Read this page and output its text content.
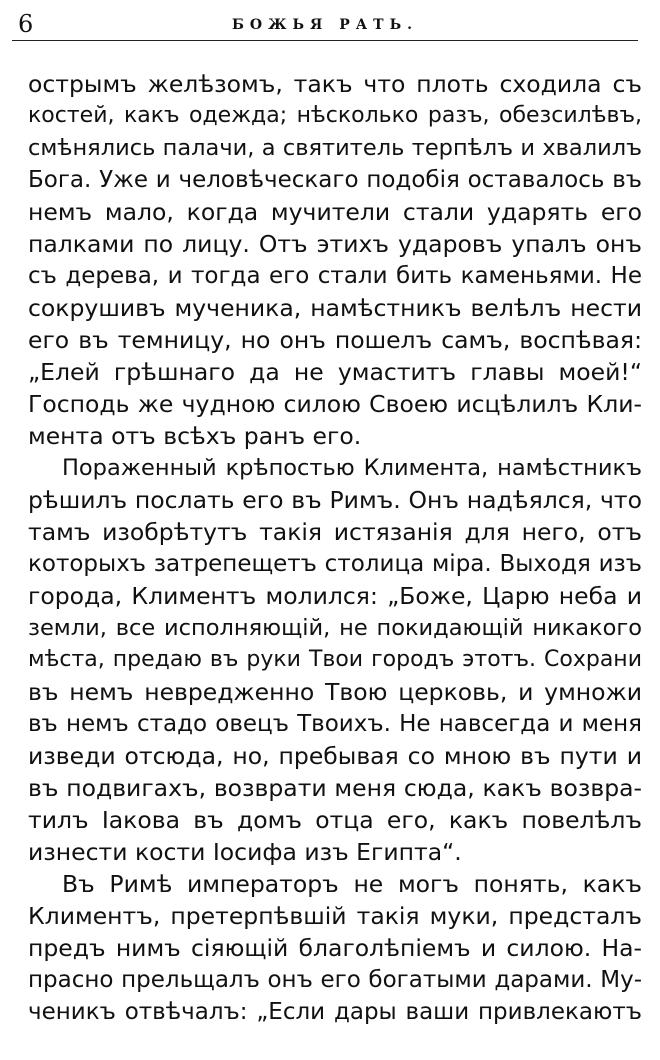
6	БОЖЬЯ РАТЬ.
острымъ желѣзомъ, такъ что плоть сходила съ
костей, какъ одежда; нѣсколько разъ, обезсилѣвъ,
смѣнялись палачи, а святитель терпѣлъ и хвалилъ
Бога. Уже и человѣческаго подобія оставалось въ
немъ мало, когда мучители стали ударять его
палками по лицу. Отъ этихъ ударовъ упалъ онъ
съ дерева, и тогда его стали бить каменьями. Не
сокрушивъ мученика, намѣстникъ велѣлъ нести
его въ темницу, но онъ пошелъ самъ, воспѣвая:
„Елей грѣшнаго да не умаститъ главы моей!“
Господь же чудною силою Своею исцѣлилъ Кли-
мента отъ всѣхъ ранъ его.
Пораженный крѣпостью Климента, намѣстникъ
рѣшилъ послать его въ Римъ. Онъ надѣялся, что
тамъ изобрѣтутъ такія истязанія для него, отъ
которыхъ затрепещетъ столица міра. Выходя изъ
города, Климентъ молился: „Боже, Царю неба и
земли, все исполняющій, не покидающій никакого
мѣста, предаю въ руки Твои городъ этотъ. Сохрани
въ немъ невредженно Твою церковь, и умножи
въ немъ стадо овецъ Твоихъ. Не навсегда и меня
изведи отсюда, но, пребывая со мною въ пути и
въ подвигахъ, возврати меня сюда, какъ возвра-
тилъ Іакова въ домъ отца его, какъ повелѣлъ
изнести кости Іосифа изъ Египта“.
Въ Римѣ императоръ не могъ понять, какъ
Климентъ, претерпѣвшій такія муки, предсталъ
предъ нимъ сіяющій благолѣпіемъ и силою. На-
прасно прельщалъ онъ его богатыми дарами. Му-
ченикъ отвѣчалъ: „Если дары ваши привлекаютъ
